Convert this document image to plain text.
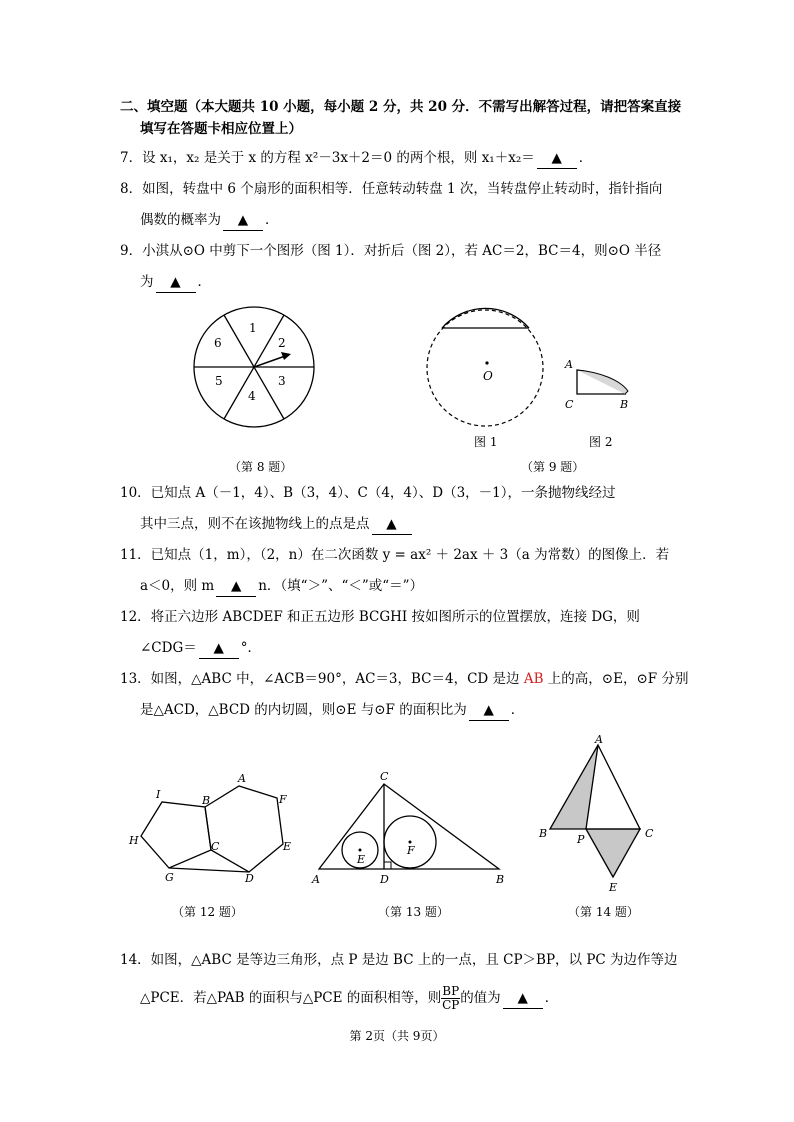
二、填空题（本大题共 10 小题，每小题 2 分，共 20 分．不需写出解答过程，请把答案直接
填写在答题卡相应位置上）
7．设 x₁，x₂ 是关于 x 的方程 x²－3x＋2＝0 的两个根，则 x₁＋x₂＝ ▲ ．
8．如图，转盘中 6 个扇形的面积相等．任意转动转盘 1 次，当转盘停止转动时，指针指向
偶数的概率为 ▲ ．
9．小淇从⊙O 中剪下一个图形（图 1）．对折后（图 2），若 AC＝2，BC＝4，则⊙O 半径
为 ▲ ．
1
2
3
4
5
6
（第 8 题）
O
A
C	B
图 1	图 2
（第 9 题）
10．已知点 A（－1，4）、B（3，4）、C（4，4）、D（3，－1），一条抛物线经过
其中三点，则不在该抛物线上的点是点 ▲
11．已知点（1，m），（2，n）在二次函数 y = ax² ＋ 2ax ＋ 3（a 为常数）的图像上．若
a＜0，则 m ▲ n．（填“＞”、“＜”或“＝”）
12．将正六边形 ABCDEF 和正五边形 BCGHI 按如图所示的位置摆放，连接 DG，则
∠CDG＝ ▲ °．
13．如图，△ABC 中，∠ACB＝90°，AC＝3，BC＝4，CD 是边 AB 上的高，⊙E，⊙F 分别
是△ACD，△BCD 的内切圆，则⊙E 与⊙F 的面积比为 ▲ ．
I	B
A
F
H	C	E
G	D
（第 12 题）
C
E
F
A	D	B
（第 13 题）
A
B	P	C
E
（第 14 题）
14．如图，△ABC 是等边三角形，点 P 是边 BC 上的一点，且 CP＞BP，以 PC 为边作等边
△PCE．若△PAB 的面积与△PCE 的面积相等，则 $\frac{BP}{CP}$的值为 ▲ ．
第 2页（共 9页）
